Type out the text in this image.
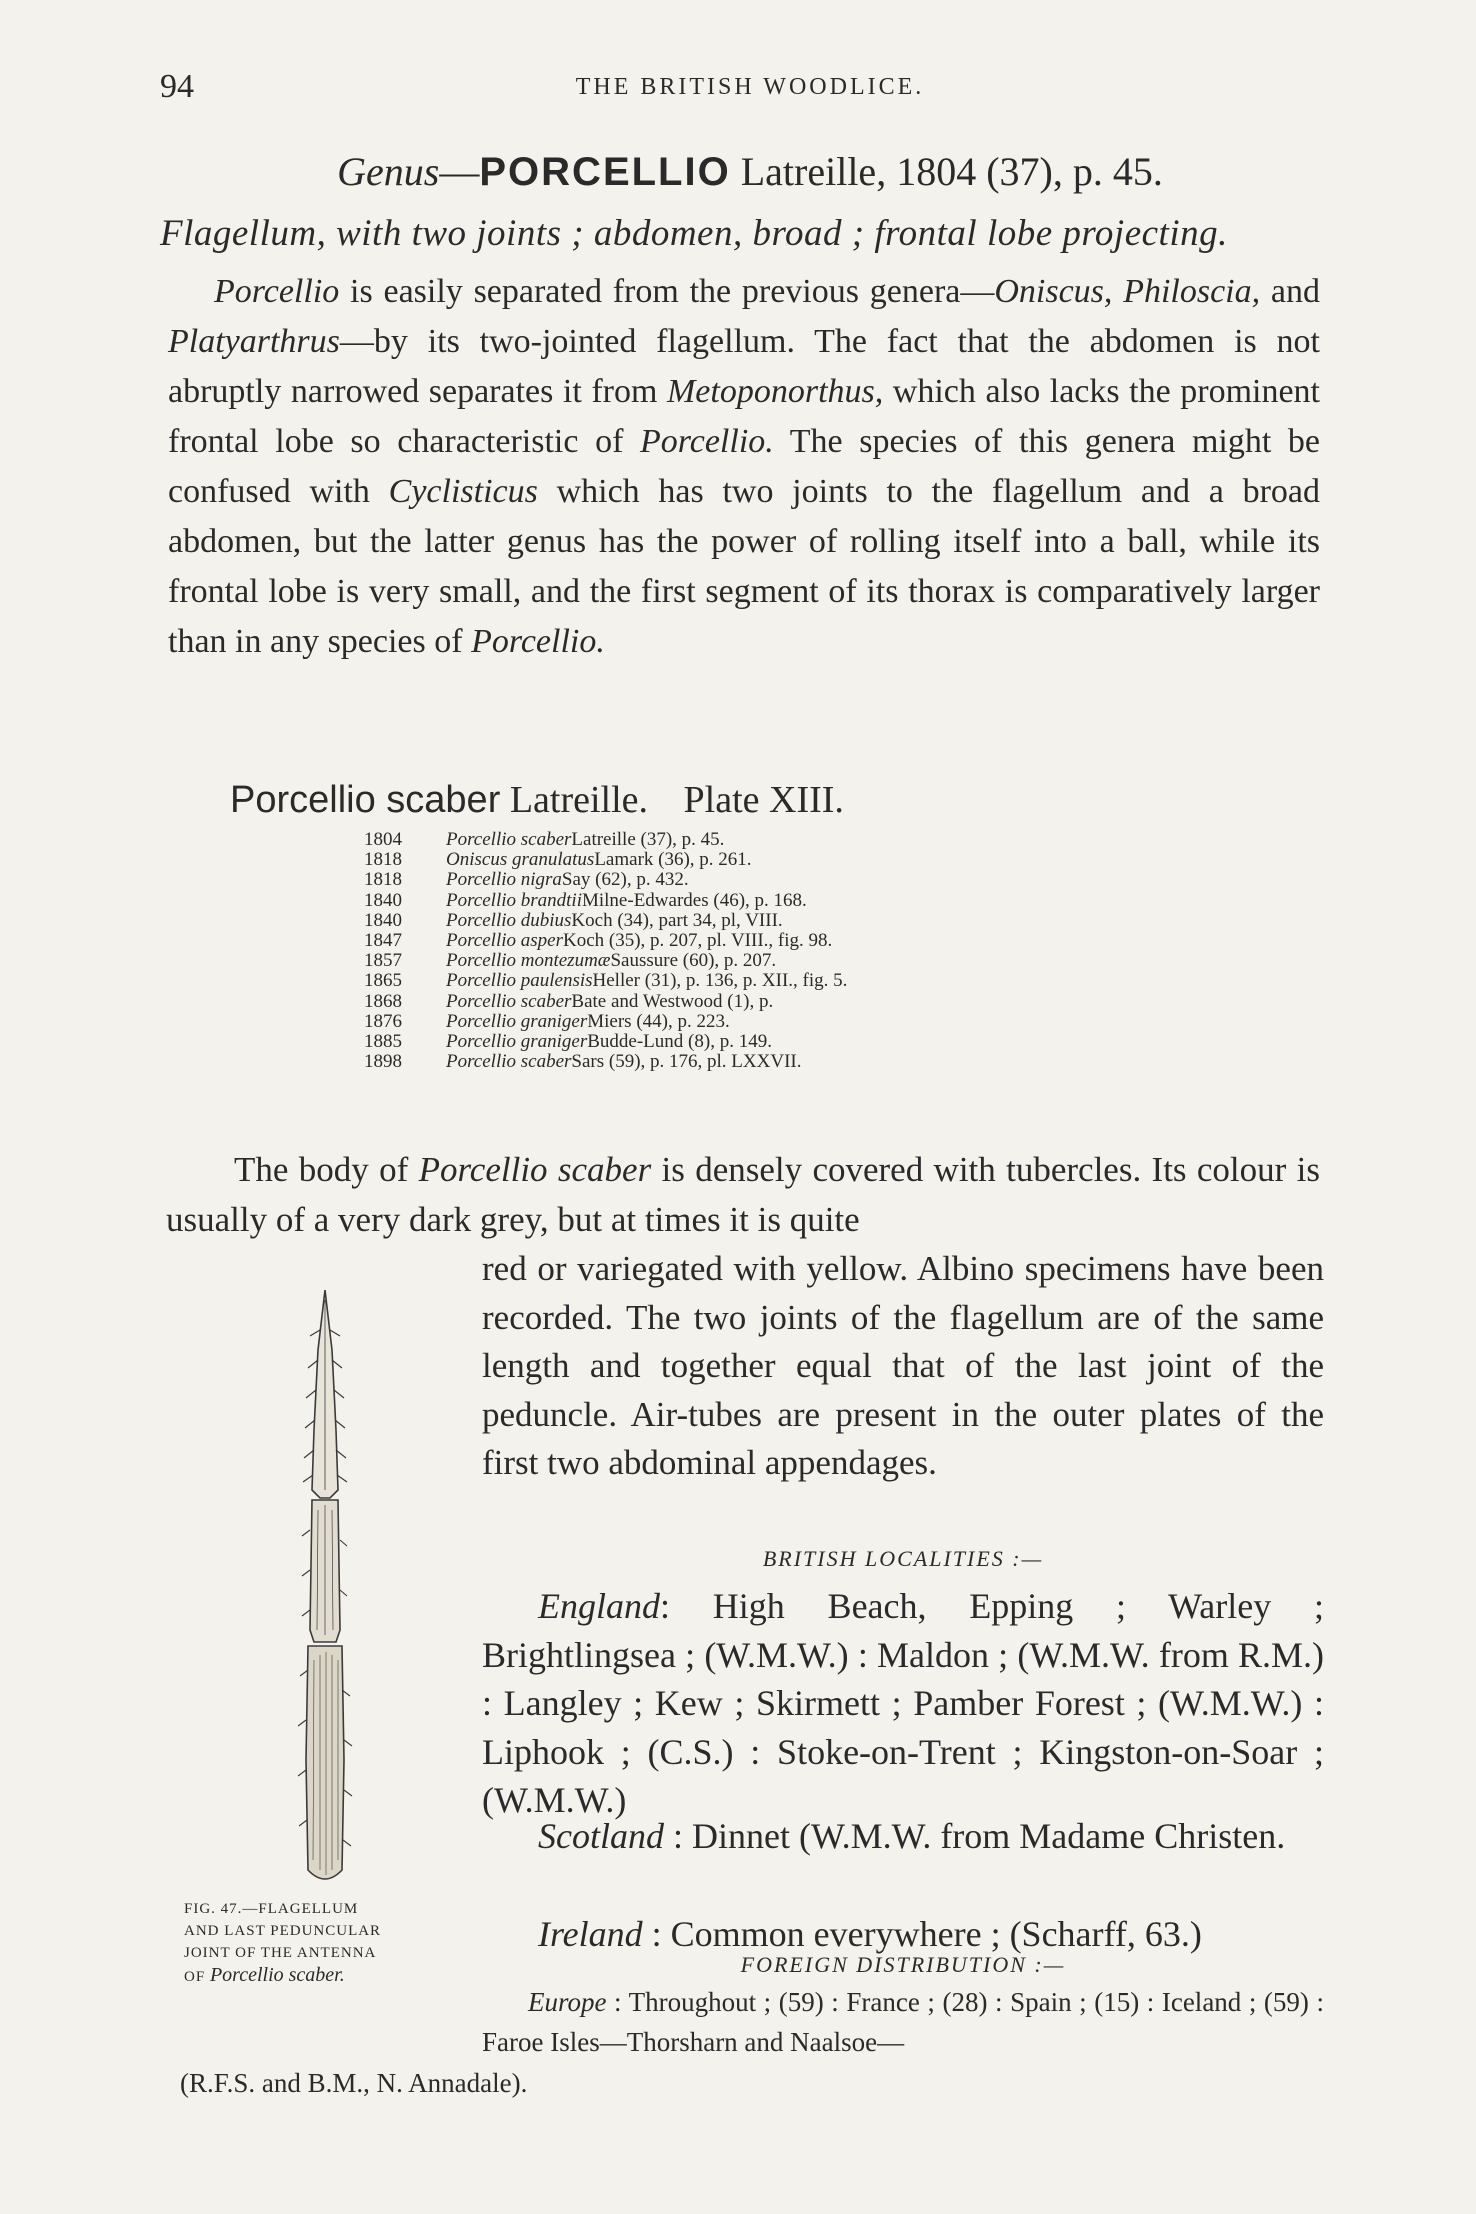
94	THE BRITISH WOODLICE.
Genus—PORCELLIO Latreille, 1804 (37), p. 45.
Flagellum, with two joints ; abdomen, broad ; frontal lobe projecting.

Porcellio is easily separated from the previous genera—Oniscus, Philoscia, and Platyarthrus—by its two-jointed flagellum. The fact that the abdomen is not abruptly narrowed separates it from Metoponorthus, which also lacks the prominent frontal lobe so characteristic of Porcellio. The species of this genera might be confused with Cyclisticus which has two joints to the flagellum and a broad abdomen, but the latter genus has the power of rolling itself into a ball, while its frontal lobe is very small, and the first segment of its thorax is comparatively larger than in any species of Porcellio.

Porcellio scaber Latreille. Plate XIII.
1804	Porcellio scaber Latreille (37), p. 45.
1818	Oniscus granulatus Lamark (36), p. 261.
1818	Porcellio nigra Say (62), p. 432.
1840	Porcellio brandtii Milne-Edwardes (46), p. 168.
1840	Porcellio dubius Koch (34), part 34, pl, VIII.
1847	Porcellio asper Koch (35), p. 207, pl. VIII., fig. 98.
1857	Porcellio montezumæ Saussure (60), p. 207.
1865	Porcellio paulensis Heller (31), p. 136, p. XII., fig. 5.
1868	Porcellio scaber Bate and Westwood (1), p.
1876	Porcellio graniger Miers (44), p. 223.
1885	Porcellio graniger Budde-Lund (8), p. 149.
1898	Porcellio scaber Sars (59), p. 176, pl. LXXVII.

The body of Porcellio scaber is densely covered with tubercles. Its colour is usually of a very dark grey, but at times it is quite

red or variegated with yellow. Albino specimens have been recorded. The two joints of the flagellum are of the same length and together equal that of the last joint of the peduncle. Air-tubes are present in the outer plates of the first two abdominal appendages.

BRITISH LOCALITIES :—

England: High Beach, Epping ; Warley ; Brightlingsea ; (W.M.W.) : Maldon ; (W.M.W. from R.M.) : Langley ; Kew ; Skirmett ; Pamber Forest ; (W.M.W.) : Liphook ; (C.S.) : Stoke-on-Trent ; Kingston-on-Soar ; (W.M.W.)

Scotland : Dinnet (W.M.W. from Madame Christen.

Ireland : Common everywhere ; (Scharff, 63.)

FOREIGN DISTRIBUTION :—

Europe : Throughout ; (59) : France ; (28) : Spain ; (15) : Iceland ; (59) : Faroe Isles—Thorsharn and Naalsoe—

(R.F.S. and B.M., N. Annadale).
FIG. 47.—FLAGELLUM
AND LAST PEDUNCULAR
JOINT OF THE ANTENNA
OF Porcellio scaber.
